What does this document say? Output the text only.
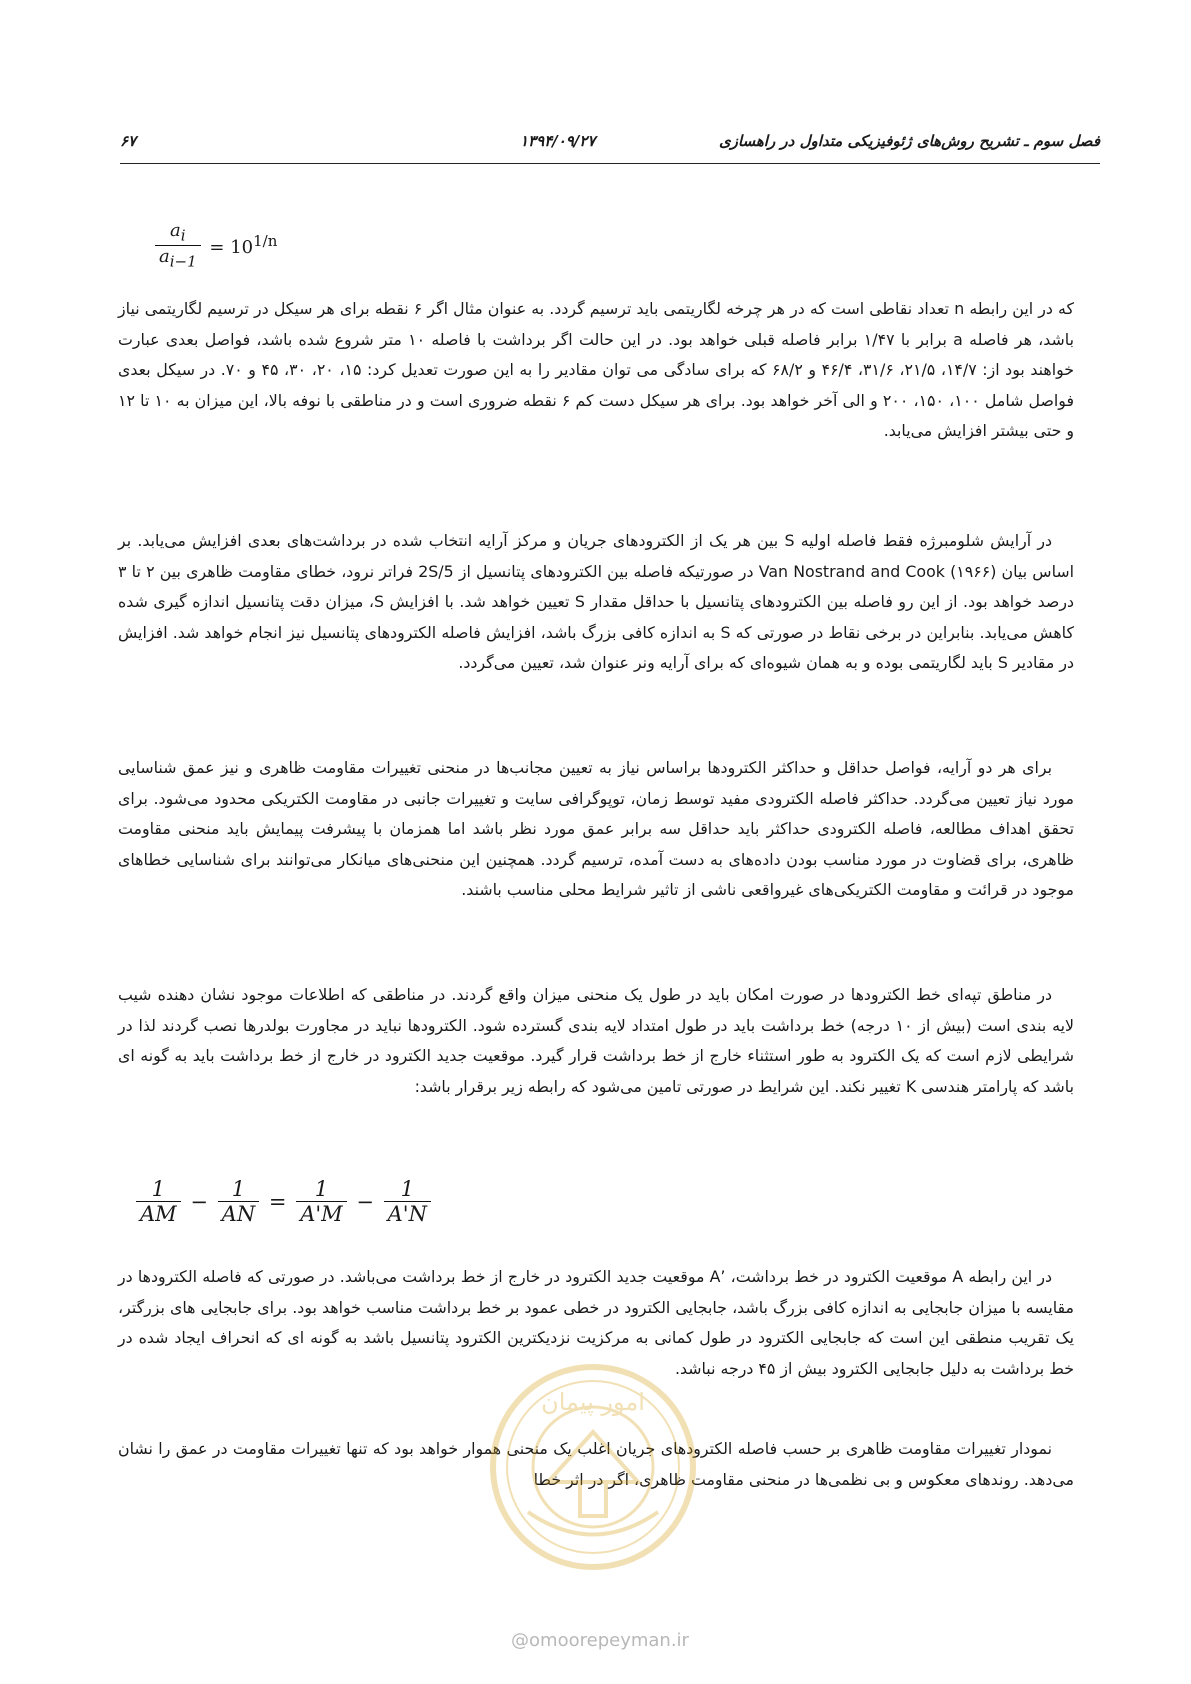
فصل سوم ـ تشریح روش‌های ژئوفیزیکی متداول در راهسازی
۱۳۹۴/۰۹/۲۷
۶۷
$\frac{a_i}{a_{i-1}} = 10^{1/n}$
که در این رابطه n تعداد نقاطی است که در هر چرخه لگاریتمی باید ترسیم گردد. به عنوان مثال اگر ۶ نقطه برای هر سیکل در ترسیم لگاریتمی نیاز باشد، هر فاصله a برابر با ۱/۴۷ برابر فاصله قبلی خواهد بود. در این حالت اگر برداشت با فاصله ۱۰ متر شروع شده باشد، فواصل بعدی عبارت خواهند بود از: ۱۴/۷، ۲۱/۵، ۳۱/۶، ۴۶/۴ و ۶۸/۲ که برای سادگی می توان مقادیر را به این صورت تعدیل کرد: ۱۵، ۲۰، ۳۰، ۴۵ و ۷۰. در سیکل بعدی فواصل شامل ۱۰۰، ۱۵۰، ۲۰۰ و الی آخر خواهد بود. برای هر سیکل دست کم ۶ نقطه ضروری است و در مناطقی با نوفه بالا، این میزان به ۱۰ تا ۱۲ و حتی بیشتر افزایش می‌یابد.
در آرایش شلومبرژه فقط فاصله اولیه S بین هر یک از الکترودهای جریان و مرکز آرایه انتخاب شده در برداشت‌های بعدی افزایش می‌یابد. بر اساس بیان Van Nostrand and Cook (۱۹۶۶) در صورتیکه فاصله بین الکترودهای پتانسیل از 2S/5 فراتر نرود، خطای مقاومت ظاهری بین ۲ تا ۳ درصد خواهد بود. از این رو فاصله بین الکترودهای پتانسیل با حداقل مقدار S تعیین خواهد شد. با افزایش S، میزان دقت پتانسیل اندازه گیری شده کاهش می‌یابد. بنابراین در برخی نقاط در صورتی که S به اندازه کافی بزرگ باشد، افزایش فاصله الکترودهای پتانسیل نیز انجام خواهد شد. افزایش در مقادیر S باید لگاریتمی بوده و به همان شیوه‌ای که برای آرایه ونر عنوان شد، تعیین می‌گردد.
برای هر دو آرایه، فواصل حداقل و حداکثر الکترودها براساس نیاز به تعیین مجانب‌ها در منحنی تغییرات مقاومت ظاهری و نیز عمق شناسایی مورد نیاز تعیین می‌گردد. حداکثر فاصله الکترودی مفید توسط زمان، توپوگرافی سایت و تغییرات جانبی در مقاومت الکتریکی محدود می‌شود. برای تحقق اهداف مطالعه، فاصله الکترودی حداکثر باید حداقل سه برابر عمق مورد نظر باشد اما همزمان با پیشرفت پیمایش باید منحنی مقاومت ظاهری، برای قضاوت در مورد مناسب بودن داده‌های به دست آمده، ترسیم گردد. همچنین این منحنی‌های میانکار می‌توانند برای شناسایی خطاهای موجود در قرائت و مقاومت الکتریکی‌های غیرواقعی ناشی از تاثیر شرایط محلی مناسب باشند.
در مناطق تپه‌ای خط الکترودها در صورت امکان باید در طول یک منحنی میزان واقع گردند. در مناطقی که اطلاعات موجود نشان دهنده شیب لایه بندی است (بیش از ۱۰ درجه) خط برداشت باید در طول امتداد لایه بندی گسترده شود. الکترودها نباید در مجاورت بولدرها نصب گردند لذا در شرایطی لازم است که یک الکترود به طور استثناء خارج از خط برداشت قرار گیرد. موقعیت جدید الکترود در خارج از خط برداشت باید به گونه ای باشد که پارامتر هندسی K تغییر نکند. این شرایط در صورتی تامین می‌شود که رابطه زیر برقرار باشد:
$\frac{1}{AM} - \frac{1}{AN} = \frac{1}{A'M} - \frac{1}{A'N}$
در این رابطه A موقعیت الکترود در خط برداشت، ’A موقعیت جدید الکترود در خارج از خط برداشت می‌باشد. در صورتی که فاصله الکترودها در مقایسه با میزان جابجایی به اندازه کافی بزرگ باشد، جابجایی الکترود در خطی عمود بر خط برداشت مناسب خواهد بود. برای جابجایی های بزرگتر، یک تقریب منطقی این است که جابجایی الکترود در طول کمانی به مرکزیت نزدیکترین الکترود پتانسیل باشد به گونه ای که انحراف ایجاد شده در خط برداشت به دلیل جابجایی الکترود بیش از ۴۵ درجه نباشد.
نمودار تغییرات مقاومت ظاهری بر حسب فاصله الکترودهای جریان اغلب یک منحنی هموار خواهد بود که تنها تغییرات مقاومت در عمق را نشان می‌دهد. روندهای معکوس و بی نظمی‌ها در منحنی مقاومت ظاهری، اگر در اثر خطا
امور پیمان
@omoorepeyman.ir
